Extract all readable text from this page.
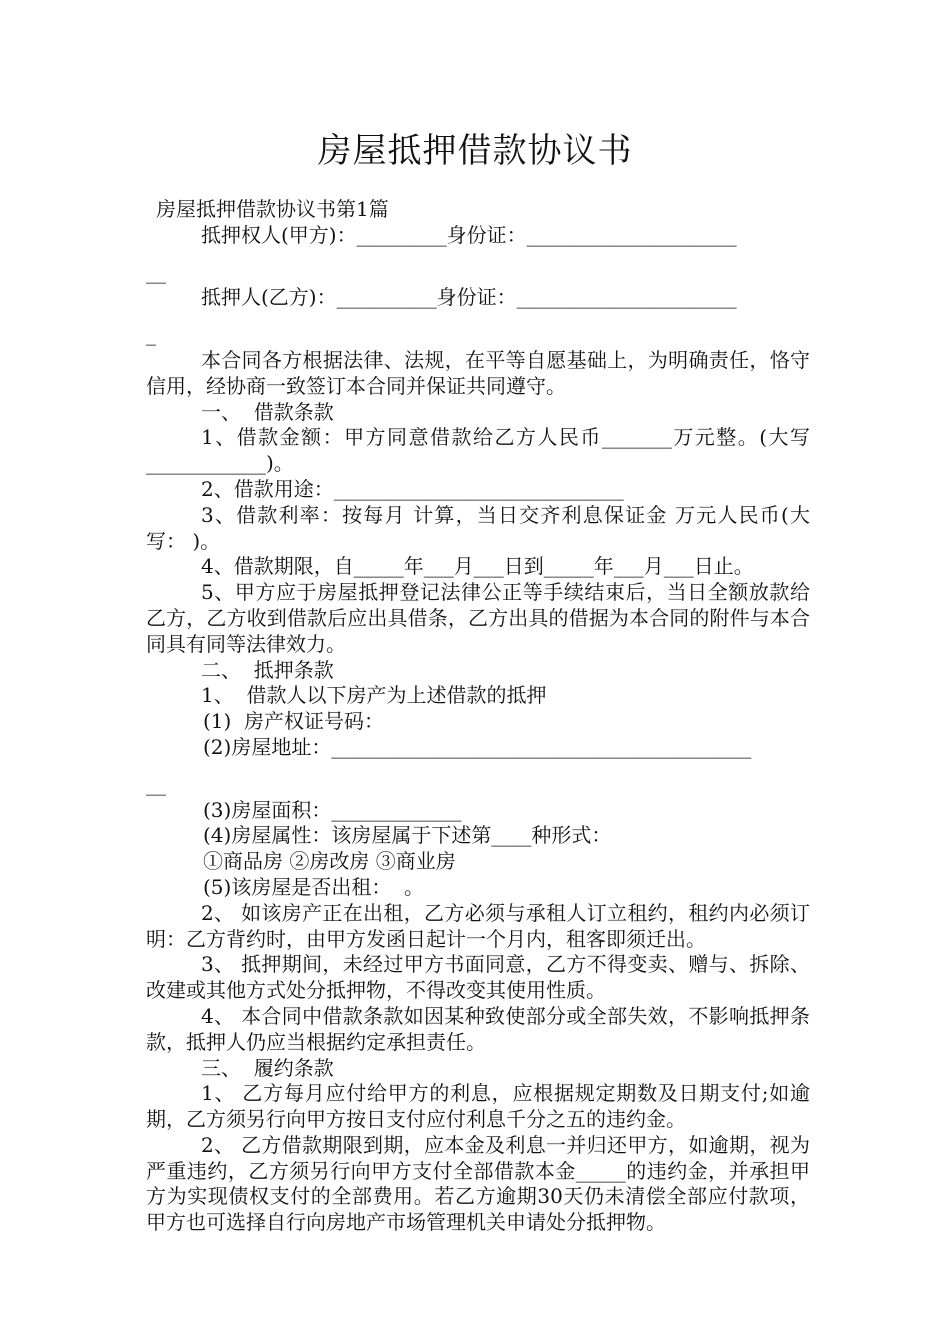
房屋抵押借款协议书
房屋抵押借款协议书第1篇
抵押权人(甲方)：_________身份证：_____________________
__
抵押人(乙方)：__________身份证：______________________
_
本合同各方根据法律、法规，在平等自愿基础上，为明确责任，恪守信用，经协商一致签订本合同并保证共同遵守。
一、  借款条款
1、借款金额：甲方同意借款给乙方人民币_______万元整。(大写____________)。
2、借款用途：_____________________________
3、借款利率：按每月 计算，当日交齐利息保证金 万元人民币(大写： )。
4、借款期限，自_____年___月___日到_____年___月___日止。
5、甲方应于房屋抵押登记法律公正等手续结束后，当日全额放款给乙方，乙方收到借款后应出具借条，乙方出具的借据为本合同的附件与本合同具有同等法律效力。
二、  抵押条款
1、  借款人以下房产为上述借款的抵押
(1)  房产权证号码：
(2)房屋地址：__________________________________________
__
(3)房屋面积：_____________
(4)房屋属性：该房屋属于下述第____种形式：
①商品房 ②房改房 ③商业房
(5)该房屋是否出租：  。
2、 如该房产正在出租，乙方必须与承租人订立租约，租约内必须订明：乙方背约时，由甲方发函日起计一个月内，租客即须迁出。
3、 抵押期间，未经过甲方书面同意，乙方不得变卖、赠与、拆除、改建或其他方式处分抵押物，不得改变其使用性质。
4、 本合同中借款条款如因某种致使部分或全部失效，不影响抵押条款，抵押人仍应当根据约定承担责任。
三、  履约条款
1、 乙方每月应付给甲方的利息，应根据规定期数及日期支付;如逾期，乙方须另行向甲方按日支付应付利息千分之五的违约金。
2、 乙方借款期限到期，应本金及利息一并归还甲方，如逾期，视为严重违约，乙方须另行向甲方支付全部借款本金_____的违约金，并承担甲方为实现债权支付的全部费用。若乙方逾期30天仍未清偿全部应付款项，甲方也可选择自行向房地产市场管理机关申请处分抵押物。
